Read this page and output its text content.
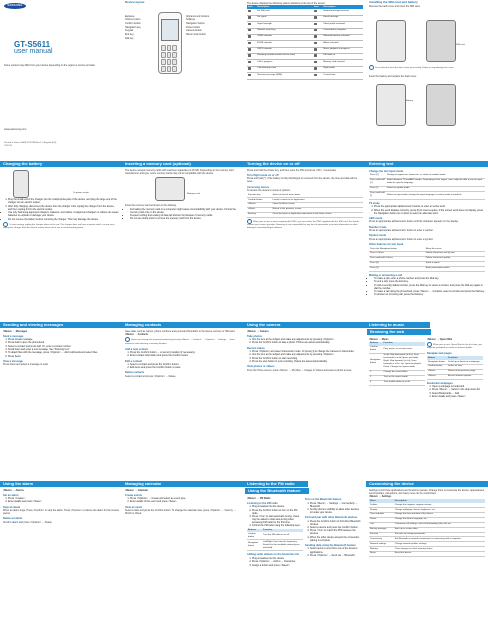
SAMSUNG
GT-S5611
user manual
Some content may differ from your device depending on the region or service provider.
www.samsung.com
Printed in Korea GH68-XXXXXA Rev.1.0 English (EU). 10/2010
Device layout
Earpiece
Volume button
Confirm button
Navigation key
Keypad
End key
Dial key
Alphanumeric buttons
Softkeys
Navigation button
Power button
Camera button
Silent mode button
The device displays the following status indicators at the top of the screen:
Icon	Description	Icon	Description
	No SIM card		Normal message received
	No signal		Email message
	Signal strength		Silent profile activated
	Network searching		Connected to computer
	GPRS network		Bluetooth feature activated
	EDGE network		Alarm activated
	UMTS network		Music playback in progress
	Roaming (outside normal service area)		FM radio on
	Call in progress		Memory card inserted
	Call diverting active		Flight mode
	New text message (SMS)		Current time
Installing the SIM card and battery
Remove the back cover and insert the SIM card.
SIM card
Do not bend or twist the back cover excessively. Doing so may damage the cover.
Insert the battery and replace the back cover.
Battery
Charging the battery
To power socket
1. Plug the small end of the charger into the multipurpose jack of the device, and plug the large end of the charger into an electric socket.
2. After fully charging, disconnect the device from the charger. First unplug the charger from the device, and then unplug it from the electric socket.
• Use only Samsung-approved chargers, batteries, and cables. Unapproved chargers or cables can cause batteries to explode or damage your device.
• Do not remove the battery before removing the charger. This may damage the device.
To save energy, unplug the charger when not in use. The charger does not have a power switch, so you must unplug the charger from the electric socket when not in use to avoid wasting power.
Inserting a memory card (optional)
The device accepts memory cards with maximum capacities of 16 GB. Depending on the memory card manufacturer and type, some memory cards may not be compatible with the device.
Memory card
Insert the memory card as shown in the drawing.
• Formatting the memory card on a computer might cause incompatibility with your device. Format the memory card only on the device.
• Frequent writing and erasing of data will shorten the lifespan of memory cards.
• Do not use sharp tools to remove the memory card from the device.
Turning the device on or off
Press and hold the Power key, and then enter the PIN and press <OK>, if necessary.
Turn flight mode on or off
Press and hold [*]. If the battery is fully discharged or removed from the device, the time and date will be reset.
Accessing menus
To access the device's menus or options,
Function key	Select or launch menu items
Confirm button	Launch a menu or an application.
<Menu>	Open the Menu screen
<Back>	Return to the previous screen.
End key	Close the menu or application and return to the home screen
When you access a menu requiring the PIN2, you must enter the PIN2 supplied with the SIM card. For details, contact your service provider. Samsung is not responsible for any loss of passwords or private information or other damages caused by illegal software.
Entering text
Change the text input mode
Press [#]	Change to uppercase, lowercase, or switch to number mode.
Press and hold [#]	Switch between T9 and ABC modes. Depending on the region, users might be able to use an input mode for specific language.
Press [*]	Switch to symbol mode
Press and hold [*]	Select an input mode, change the input language, or select words in word list.
T9 mode
1. Press the appropriate alphanumeric buttons to enter an entire word.
2. When the word displays correctly, press [0] to insert a space. If the correct word does not display, press the Navigation button up or down to select an alternate word.
ABC mode
Press an appropriate alphanumeric button until the character appears on the display.
Number mode
Press an appropriate alphanumeric button to enter a number.
Symbol mode
Press an appropriate alphanumeric button to enter a symbol.
Other features for text input
Press the Navigation button	Move the cursor.
Press <Clear>	Delete characters one by one.
Press and hold <Clear>	Delete characters quickly.
Press [0]	Insert a space.
Press [1]	Enter punctuation marks.
Making or answering a call
• To make a call, enter a phone number and press the Dial key.
• To end a call, press the End key.
• To call a recently dialled number, press the Dial key to select a number, and press the Dial key again to dial the number.
• To make a call using the phonebook, press <Menu> → Contacts, select a contact and press the Dial key.
• To answer an incoming call, press the Dial key.
Sending and viewing messages
<Menu> → Messages
Send a message
1. Press Create message.
2. Press Add to open the phonebook.
3. Select a contact and press Add. Or, enter a contact number.
4. Scroll down and enter a text message. See "Entering text".
5. To attach files with the message, press <Options> → Add multimedia and select files.
6. Press Send.
View a message
Press Inbox and select a message to read.
Managing contacts
Save data, such as names, phone numbers and personal information to the device memory or SIM card.
<Menu> → Contacts
Users can change the memory location by pressing <Menu> → Contacts → <Options> → Settings → Save contact to and selecting a memory location.
Add a new contact
1. Press the Confirm button → a memory location (if necessary).
2. Enter contact information and press the Confirm button.
Edit a contact
1. Select a contact and press the Confirm button.
2. Edit items and press the Confirm button to save.
Delete contacts
Select a contact and press <Options> → Delete.
Using the camera
<Menu> → Camera
Take photos
1. Aim the lens at the subject and make any adjustments by pressing <Options>.
2. Press the Confirm button to take a photo. Photos are saved automatically.
Record videos
1. Press <Options> and select Camcorder mode. Or press [1] to change the Camera to Camcorder.
2. Aim the lens at the subject and make any adjustments by pressing <Options>.
3. Press the Confirm button to start recording.
4. Press the stop button to end recording. Videos are saved automatically.
View photos or videos
From the Home screen, press <Menu> → My Files → Images or Videos and select a photo to view.
Listening to musicBrowsing the web
<Menu> → Music
Buttons	Function
Confirm button	Play, pause, or resume music.
Navigation button	Scroll: Skip backwards (in list); Scan backwards in a file (press and hold). Right: Skip forwards (in list); Scan forwards in a file. Up: Open the playlist. Down: Change the repeat mode.
1	Change the sound effect.
2	Turn on the repeat mode.
3	Turn shuffle mode on or off.
<Menu> → Opera Mini
When you access Opera Mini for the first time, you might be prompted to create an internet profile.
Navigate web pages
Button	Function
Navigation button	Scroll up or down on a webpage.
Confirm button	Select an item.
<Back>	Return to the previous page.
<Menu>	Access browser options.
Bookmark webpages
1. Open a webpage to bookmark.
2. Press <Menu> → Select in the drop-down list.
3. Select Bookmarks → Add.
4. Enter details and press <Save>.
Using the alarm
<Menu> → Alarms
Set an alarm
1. Press <Create>.
2. Enter details and press <Save>.
Stop an alarm
When an alarm rings, Press <Confirm> to stop the alarm. Press <Snooze> to silence the alarm for the snooze period.
Delete an alarm
Scroll to alarm and press <Options> → Delete.
Managing calendar
<Menu> → Calendar
Create events
1. Press <Options> → Create and select an event type.
2. Enter details of the event and press <Save>.
View an event
Select a date and press the Confirm button. To change the calendar view, press <Options> → View by → Month or Week.
Listening to the FM radioUsing the Bluetooth feature
<Menu> → FM Radio
Listening to the FM radio
1. Plug a headset into the device.
2. Press the Confirm button to turn on the FM radio.
3. Press <Yes> to start automatic tuning. Users may be asked to start auto-tuning when accessing FM radio for the first time.
4. Control the FM radio using the following keys:
Buttons	Function
Confirm button	Turn the FM radio on or off.
Navigation button	Left/Right: Fine-tune the frequency; Search for the available station (press and hold).
Adding radio stations to the favourites list
1. Plug a headset into the device.
2. Press <Options> → Add to → Favourites.
3. Assign a button and press <Select>.
Turn on the Bluetooth feature
1. Press <Menu> → Settings → Connectivity → Bluetooth.
2. Set My phone's visibility to allow other devices to locate your device.
Find and pair with other Bluetooth devices
1. Press the Confirm button to find other Bluetooth devices.
2. Select a device and press the Confirm button.
3. Press <Yes> to match the PIN between the devices.
4. When the other device accepts the connection, pairing is complete.
Sending data using the Bluetooth feature
1. Select items to send from one of the device's applications.
2. Press <Options> → Send via → Bluetooth.
Customising the device
Settings control how applications and functions operate. Change them to customise the device. Appearances, sound profiles, call actions, and many more can be customised.
<Menu> → Settings
Menu	Description
Profiles	Change the ringtone, ringtone volume.
Display	Change wallpaper, theme, brightness, etc.
Time and date	Change the time and date of the device.
Phone	Change the device language, etc.
Call	Customise call settings, auto call forwarding, fake call, etc.
Backup manager	Back up or restore data.
Security	Set locks to change passwords.
Connectivity	Set Bluetooth or network connections to connecting with a computer.
Network settings	Change network profiles settings.
Memory	Clear memory or check memory status.
Reset	Reset the device.
